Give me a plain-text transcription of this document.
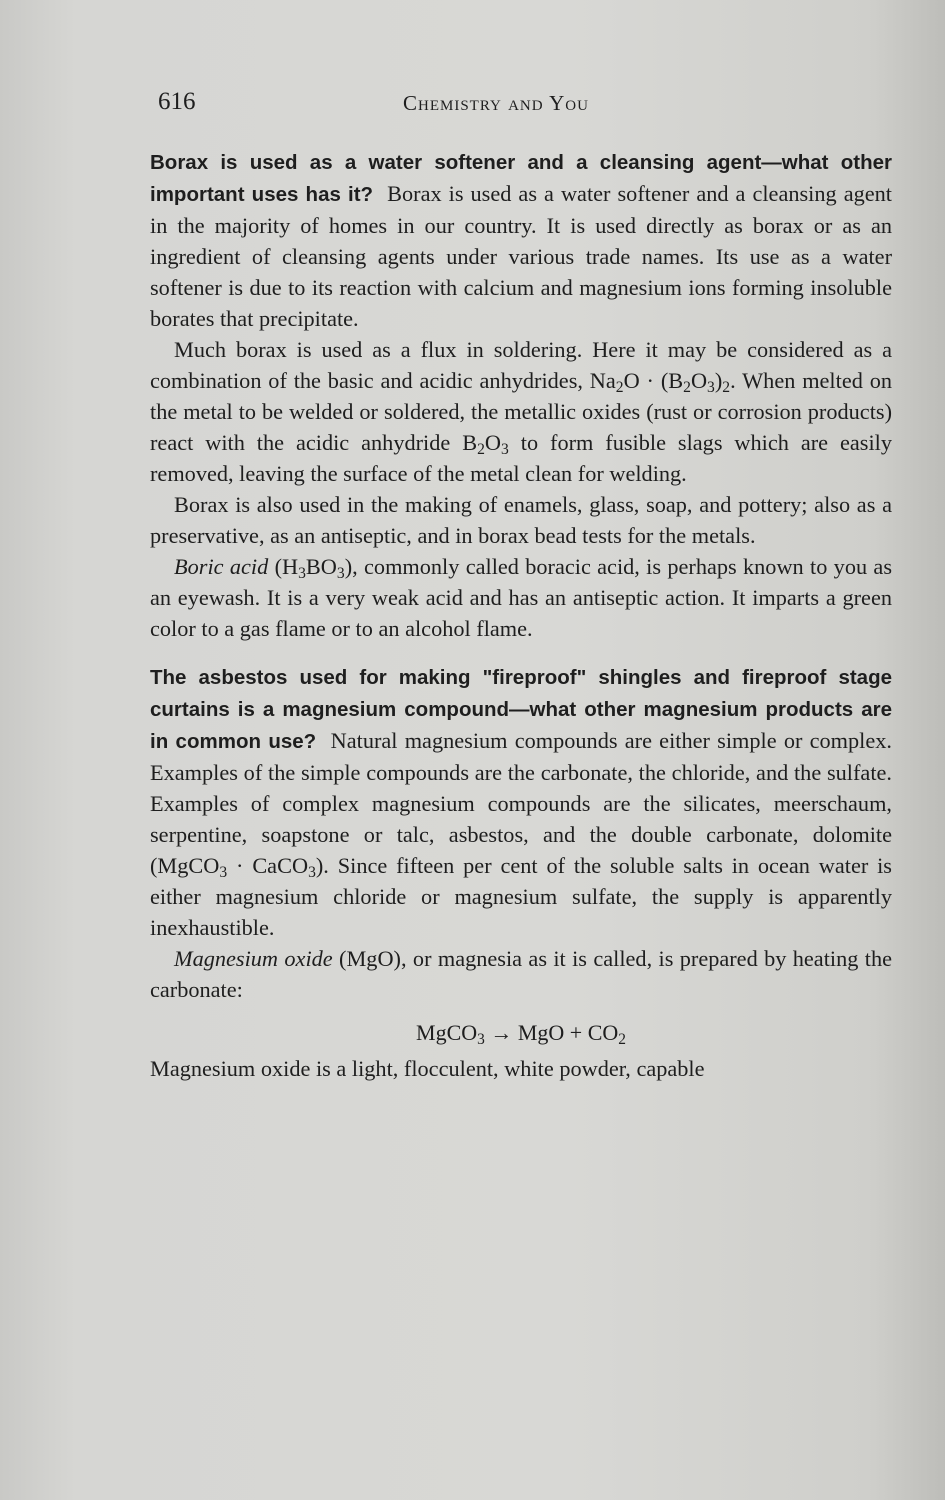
616	Chemistry and You

Borax is used as a water softener and a cleansing agent—what other important uses has it? Borax is used as a water softener and a cleansing agent in the majority of homes in our country. It is used directly as borax or as an ingredient of cleansing agents under various trade names. Its use as a water softener is due to its reaction with calcium and magnesium ions forming insoluble borates that precipitate.

Much borax is used as a flux in soldering. Here it may be considered as a combination of the basic and acidic anhydrides, $Na_2O \cdot (B_2O_3)_2$. When melted on the metal to be welded or soldered, the metallic oxides (rust or corrosion products) react with the acidic anhydride $B_2O_3$ to form fusible slags which are easily removed, leaving the surface of the metal clean for welding.

Borax is also used in the making of enamels, glass, soap, and pottery; also as a preservative, as an antiseptic, and in borax bead tests for the metals.

Boric acid $(H_3BO_3)$, commonly called boracic acid, is perhaps known to you as an eyewash. It is a very weak acid and has an antiseptic action. It imparts a green color to a gas flame or to an alcohol flame.

The asbestos used for making "fireproof" shingles and fireproof stage curtains is a magnesium compound—what other magnesium products are in common use? Natural magnesium compounds are either simple or complex. Examples of the simple compounds are the carbonate, the chloride, and the sulfate. Examples of complex magnesium compounds are the silicates, meerschaum, serpentine, soapstone or talc, asbestos, and the double carbonate, dolomite (MgCO$_3$ · CaCO$_3$). Since fifteen per cent of the soluble salts in ocean water is either magnesium chloride or magnesium sulfate, the supply is apparently inexhaustible.

Magnesium oxide (MgO), or magnesia as it is called, is prepared by heating the carbonate:

MgCO$_3$ → MgO + $CO_2$

Magnesium oxide is a light, flocculent, white powder, capable
